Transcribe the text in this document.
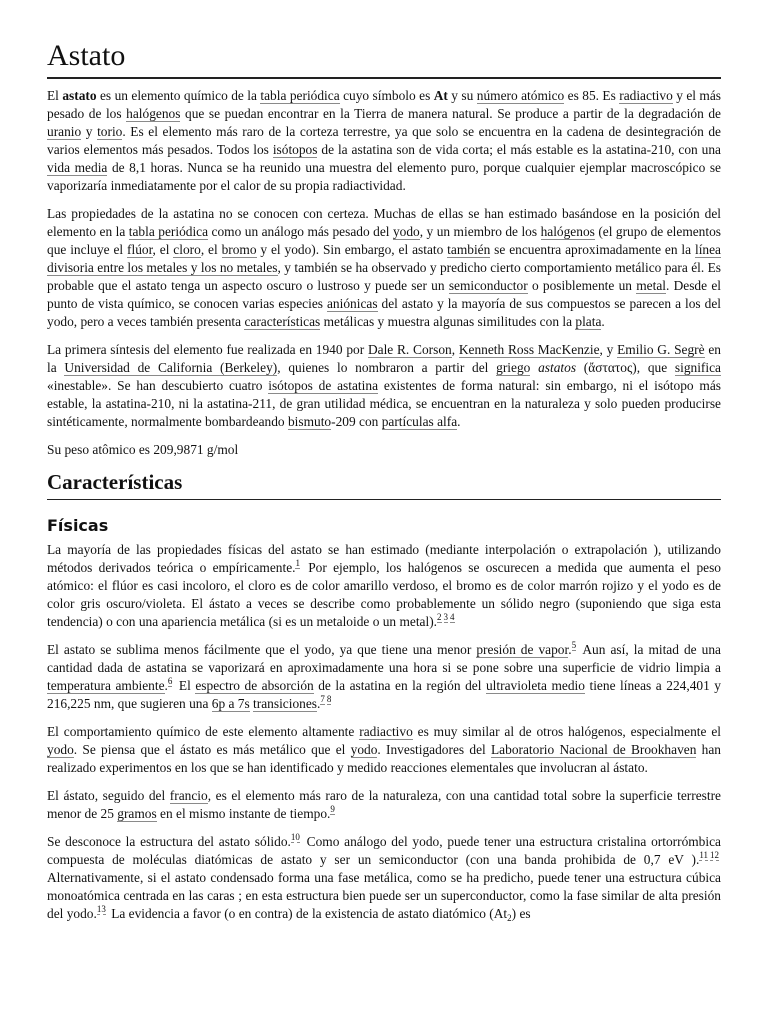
Astato

El astato es un elemento químico de la tabla periódica cuyo símbolo es At y su número atómico es 85. Es radiactivo y el más pesado de los halógenos que se puedan encontrar en la Tierra de manera natural. Se produce a partir de la degradación de uranio y torio. Es el elemento más raro de la corteza terrestre, ya que solo se encuentra en la cadena de desintegración de varios elementos más pesados. Todos los isótopos de la astatina son de vida corta; el más estable es la astatina-210, con una vida media de 8,1 horas. Nunca se ha reunido una muestra del elemento puro, porque cualquier ejemplar macroscópico se vaporizaría inmediatamente por el calor de su propia radiactividad.

Las propiedades de la astatina no se conocen con certeza. Muchas de ellas se han estimado basándose en la posición del elemento en la tabla periódica como un análogo más pesado del yodo, y un miembro de los halógenos (el grupo de elementos que incluye el flúor, el cloro, el bromo y el yodo). Sin embargo, el astato también se encuentra aproximadamente en la línea divisoria entre los metales y los no metales, y también se ha observado y predicho cierto comportamiento metálico para él. Es probable que el astato tenga un aspecto oscuro o lustroso y puede ser un semiconductor o posiblemente un metal. Desde el punto de vista químico, se conocen varias especies aniónicas del astato y la mayoría de sus compuestos se parecen a los del yodo, pero a veces también presenta características metálicas y muestra algunas similitudes con la plata.

La primera síntesis del elemento fue realizada en 1940 por Dale R. Corson, Kenneth Ross MacKenzie, y Emilio G. Segrè en la Universidad de California (Berkeley), quienes lo nombraron a partir del griego astatos (ἄστατος), que significa «inestable». Se han descubierto cuatro isótopos de astatina existentes de forma natural: sin embargo, ni el isótopo más estable, la astatina-210, ni la astatina-211, de gran utilidad médica, se encuentran en la naturaleza y solo pueden producirse sintéticamente, normalmente bombardeando bismuto-209 con partículas alfa.

Su peso atômico es 209,9871 g/mol

Características
Físicas

La mayoría de las propiedades físicas del astato se han estimado (mediante interpolación o extrapolación ), utilizando métodos derivados teórica o empíricamente.$^1$ Por ejemplo, los halógenos se oscurecen a medida que aumenta el peso atómico: el flúor es casi incoloro, el cloro es de color amarillo verdoso, el bromo es de color marrón rojizo y el yodo es de color gris oscuro/violeta. El ástato a veces se describe como probablemente un sólido negro (suponiendo que siga esta tendencia) o con una apariencia metálica (si es un metaloide o un metal).$^2$ $^3$ $^4$

El astato se sublima menos fácilmente que el yodo, ya que tiene una menor presión de vapor.$^5$ Aun así, la mitad de una cantidad dada de astatina se vaporizará en aproximadamente una hora si se pone sobre una superficie de vidrio limpia a temperatura ambiente.$^6$ El espectro de absorción de la astatina en la región del ultravioleta medio tiene líneas a 224,401 y 216,225 nm, que sugieren una 6p a 7s transiciones.$^7$ $^8$

El comportamiento químico de este elemento altamente radiactivo es muy similar al de otros halógenos, especialmente el yodo. Se piensa que el ástato es más metálico que el yodo. Investigadores del Laboratorio Nacional de Brookhaven han realizado experimentos en los que se han identificado y medido reacciones elementales que involucran al ástato.

El ástato, seguido del francio, es el elemento más raro de la naturaleza, con una cantidad total sobre la superficie terrestre menor de 25 gramos en el mismo instante de tiempo.$^9$

Se desconoce la estructura del astato sólido.$^{10}$ Como análogo del yodo, puede tener una estructura cristalina ortorrómbica compuesta de moléculas diatómicas de astato y ser un semiconductor (con una banda prohibida de 0,7 eV ).$^{11}$ $^{12}$ Alternativamente, si el astato condensado forma una fase metálica, como se ha predicho, puede tener una estructura cúbica monoatómica centrada en las caras ; en esta estructura bien puede ser un superconductor, como la fase similar de alta presión del yodo.$^{13}$ La evidencia a favor (o en contra) de la existencia de astato diatómico $(At_2)$ es
